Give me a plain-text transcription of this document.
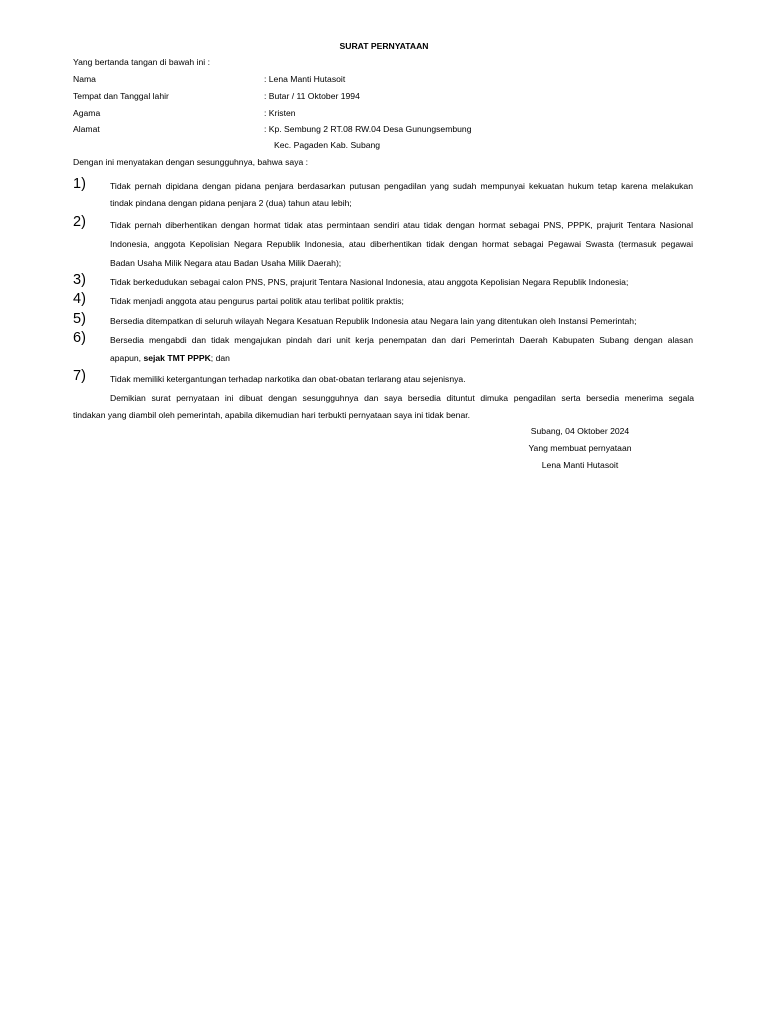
SURAT PERNYATAAN
Yang bertanda tangan di bawah ini :
Nama	: Lena Manti Hutasoit
Tempat dan Tanggal lahir	: Butar / 11 Oktober 1994
Agama	: Kristen
Alamat	: Kp. Sembung 2 RT.08 RW.04 Desa Gunungsembung
Kec. Pagaden Kab. Subang
Dengan ini menyatakan dengan sesungguhnya, bahwa saya :
1)	Tidak pernah dipidana dengan pidana penjara berdasarkan putusan pengadilan yang sudah mempunyai kekuatan hukum tetap karena melakukan
tindak pindana dengan pidana penjara 2 (dua) tahun atau lebih;
2)	Tidak pernah diberhentikan dengan hormat tidak atas permintaan sendiri atau tidak dengan hormat sebagai PNS, PPPK, prajurit Tentara Nasional
Indonesia, anggota Kepolisian Negara Republik Indonesia, atau diberhentikan tidak dengan hormat sebagai Pegawai Swasta (termasuk pegawai
Badan Usaha Milik Negara atau Badan Usaha Milik Daerah);
3)	Tidak berkedudukan sebagai calon PNS, PNS, prajurit Tentara Nasional Indonesia, atau anggota Kepolisian Negara Republik Indonesia;
4)	Tidak menjadi anggota atau pengurus partai politik atau terlibat politik praktis;
5)	Bersedia ditempatkan di seluruh wilayah Negara Kesatuan Republik Indonesia atau Negara lain yang ditentukan oleh Instansi Pemerintah;
6)	Bersedia mengabdi dan tidak mengajukan pindah dari unit kerja penempatan dan dari Pemerintah Daerah Kabupaten Subang dengan alasan
apapun, sejak TMT PPPK; dan
7)	Tidak memiliki ketergantungan terhadap narkotika dan obat-obatan terlarang atau sejenisnya.
Demikian surat pernyataan ini dibuat dengan sesungguhnya dan saya bersedia dituntut dimuka pengadilan serta bersedia menerima segala
tindakan yang diambil oleh pemerintah, apabila dikemudian hari terbukti pernyataan saya ini tidak benar.
Subang, 04 Oktober 2024
Yang membuat pernyataan
Lena Manti Hutasoit
